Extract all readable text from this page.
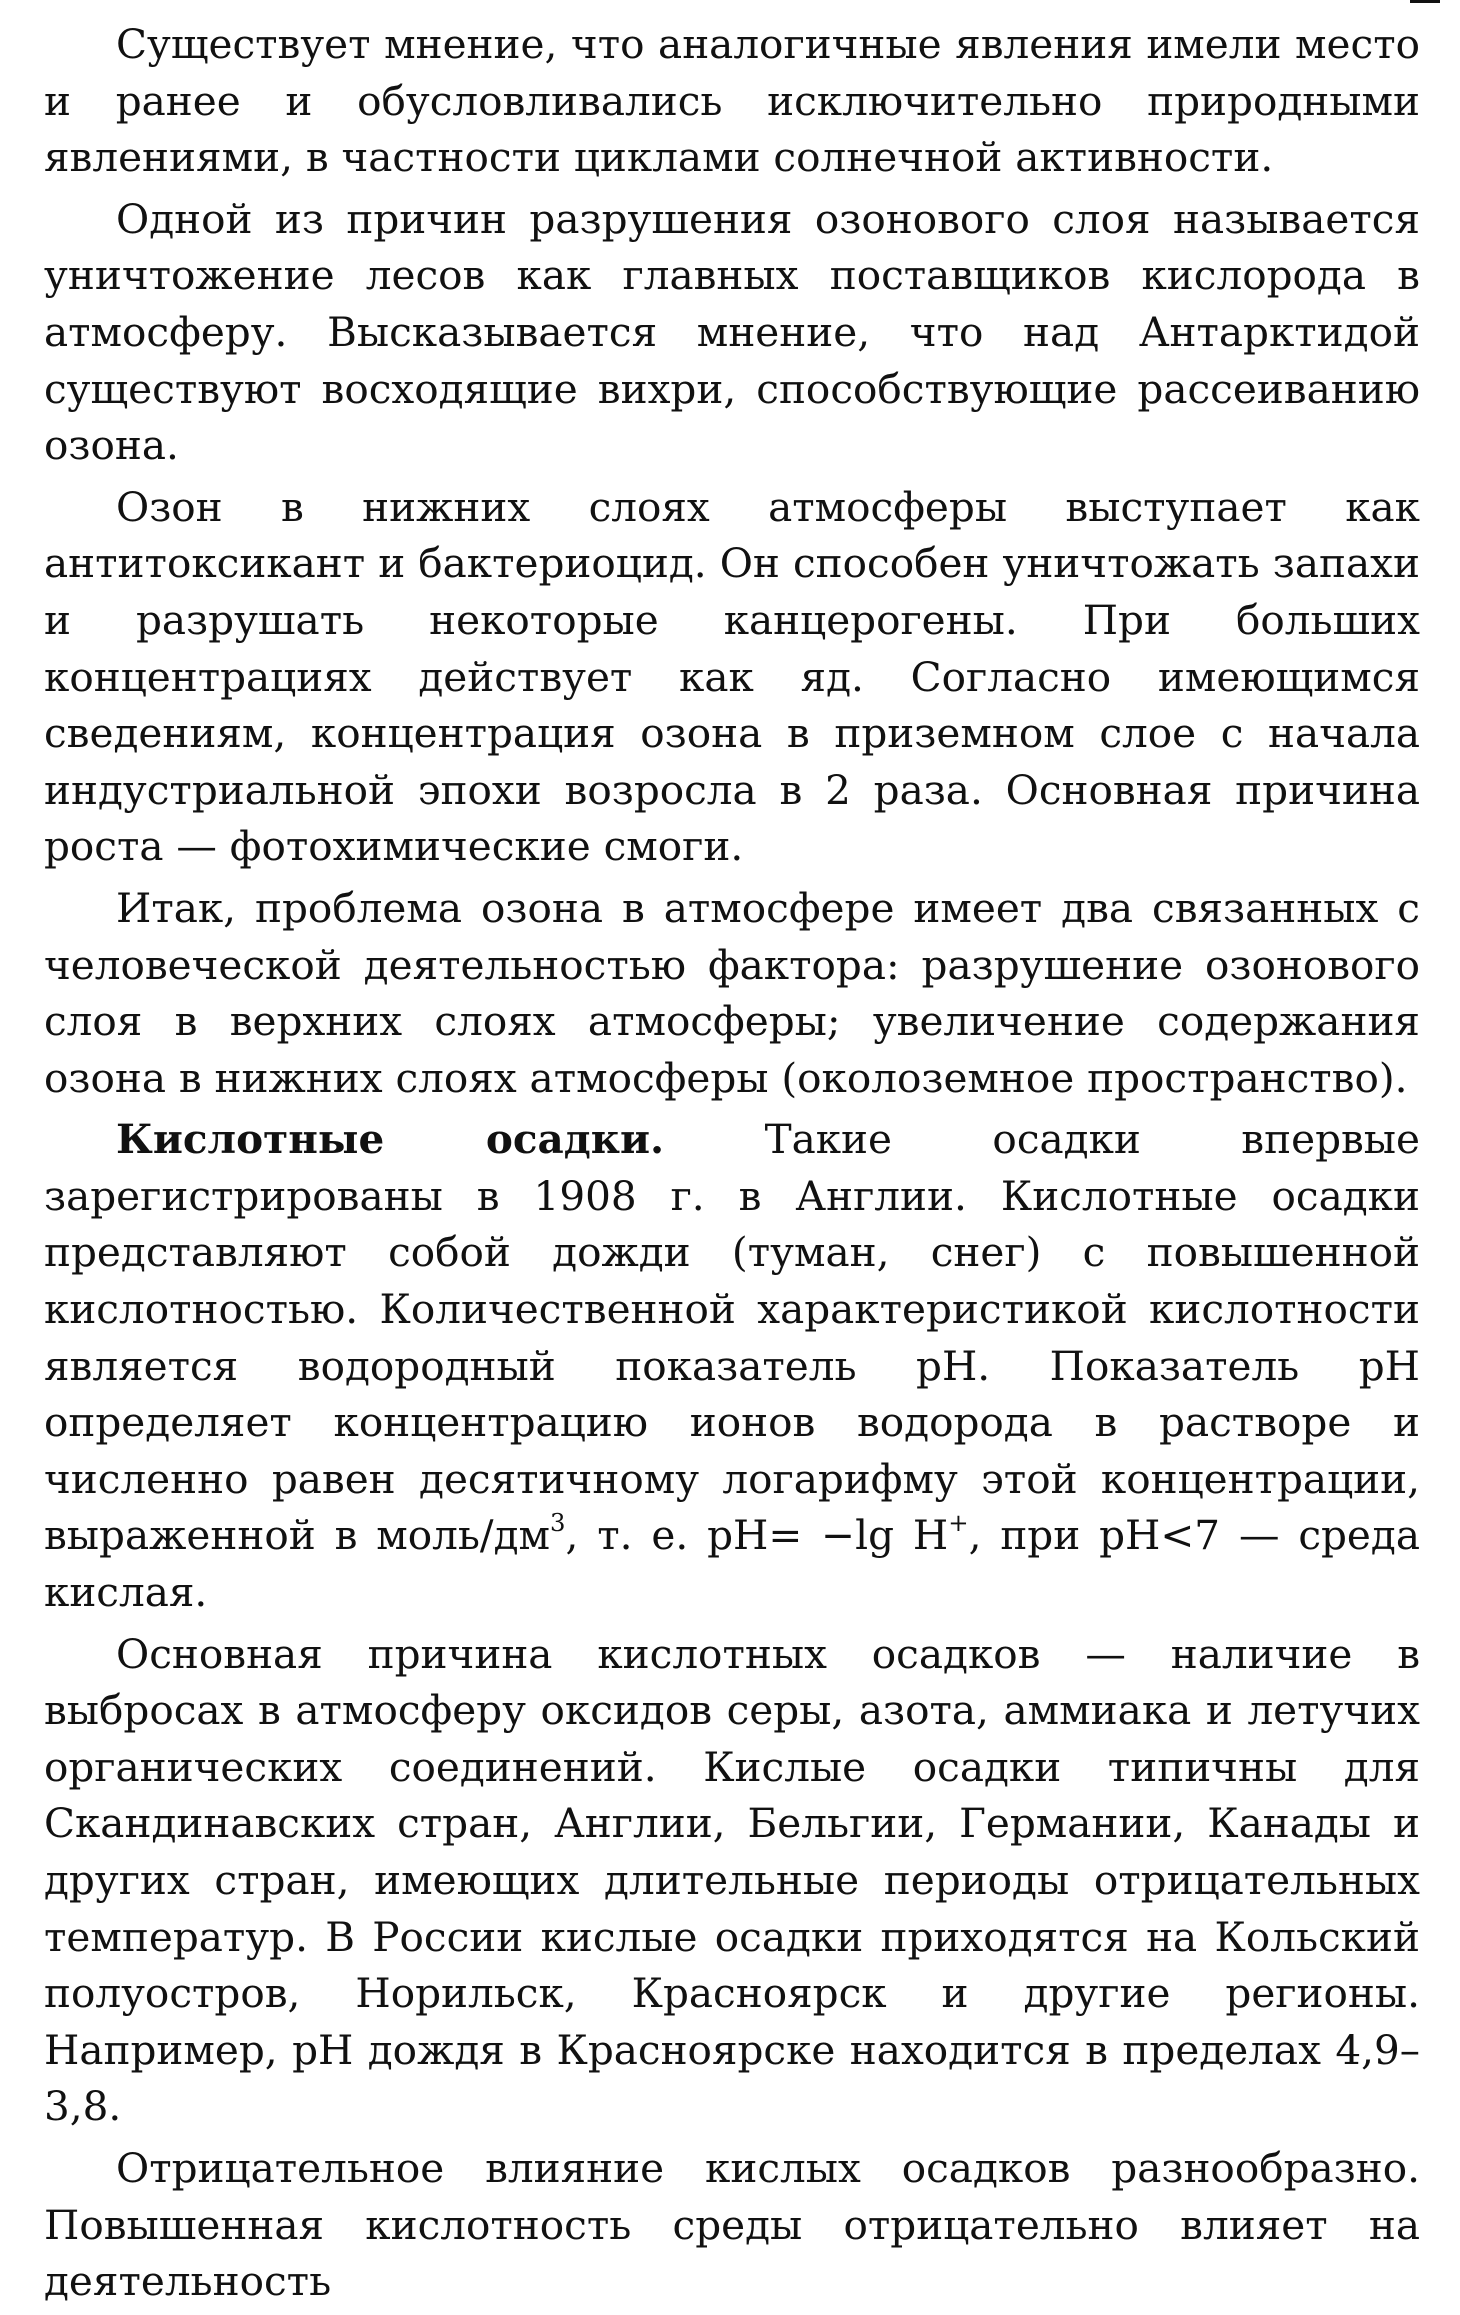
Существует мнение, что аналогичные явления имели место и ранее и обусловливались исключительно природными явлениями, в частности циклами солнечной активности.

Одной из причин разрушения озонового слоя называется уничтожение лесов как главных поставщиков кислорода в атмосферу. Высказывается мнение, что над Антарктидой существуют восходящие вихри, способствующие рассеиванию озона.

Озон в нижних слоях атмосферы выступает как антитоксикант и бактериоцид. Он способен уничтожать запахи и разрушать некоторые канцерогены. При больших концентрациях действует как яд. Согласно имеющимся сведениям, концентрация озона в приземном слое с начала индустриальной эпохи возросла в 2 раза. Основная причина роста — фотохимические смоги.

Итак, проблема озона в атмосфере имеет два связанных с человеческой деятельностью фактора: разрушение озонового слоя в верхних слоях атмосферы; увеличение содержания озона в нижних слоях атмосферы (околоземное пространство).

Кислотные осадки. Такие осадки впервые зарегистрированы в 1908 г. в Англии. Кислотные осадки представляют собой дожди (туман, снег) с повышенной кислотностью. Количественной характеристикой кислотности является водородный показатель pH. Показатель pH определяет концентрацию ионов водорода в растворе и численно равен десятичному логарифму этой концентрации, выраженной в моль/$дм^3$, т. е. pH= −lg H+, при pH<7 — среда кислая.

Основная причина кислотных осадков — наличие в выбросах в атмосферу оксидов серы, азота, аммиака и летучих органических соединений. Кислые осадки типичны для Скандинавских стран, Англии, Бельгии, Германии, Канады и других стран, имеющих длительные периоды отрицательных температур. В России кислые осадки приходятся на Кольский полуостров, Норильск, Красноярск и другие регионы. Например, pH дождя в Красноярске находится в пределах 4,9–3,8.

Отрицательное влияние кислых осадков разнообразно. Повышенная кислотность среды отрицательно влияет на деятельность
